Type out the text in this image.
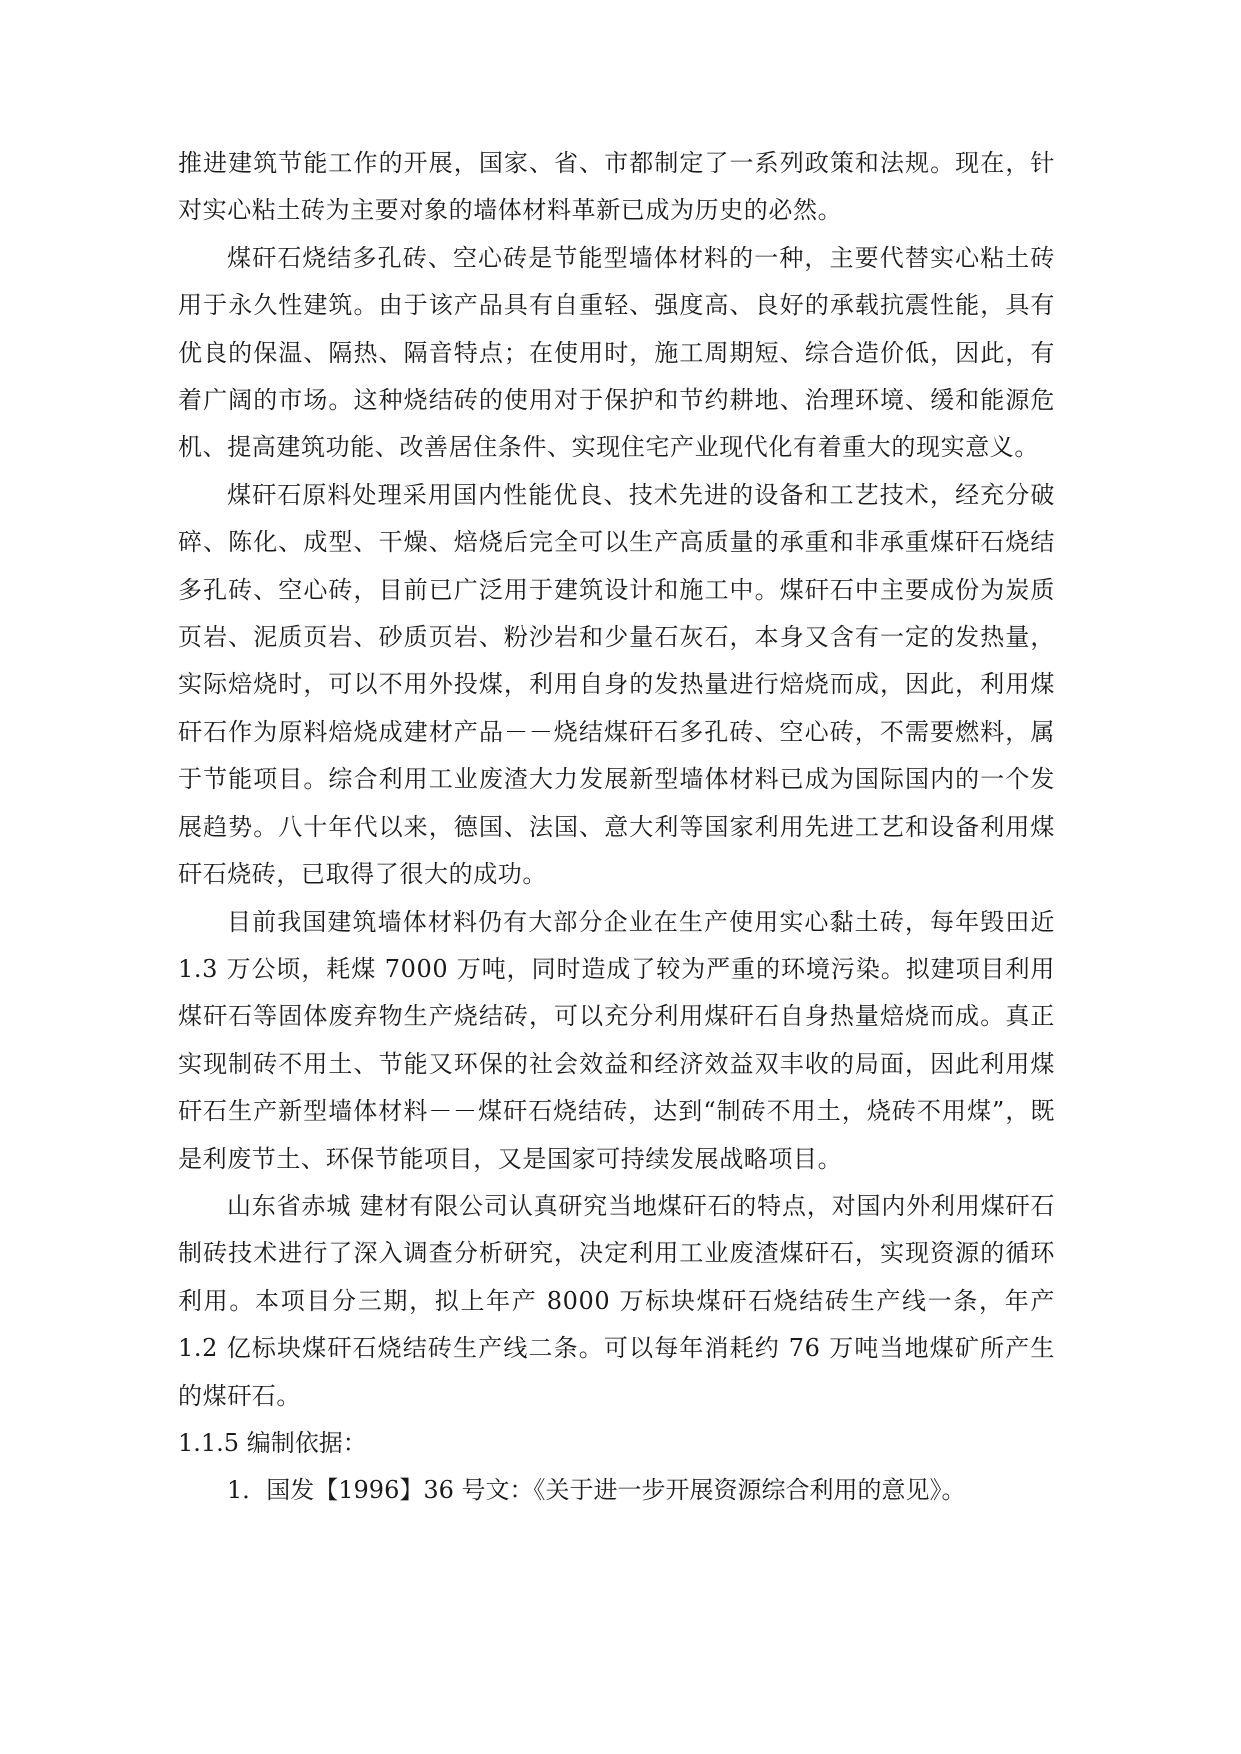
推进建筑节能工作的开展，国家、省、市都制定了一系列政策和法规。现在，针对实心粘土砖为主要对象的墙体材料革新已成为历史的必然。

煤矸石烧结多孔砖、空心砖是节能型墙体材料的一种，主要代替实心粘土砖用于永久性建筑。由于该产品具有自重轻、强度高、良好的承载抗震性能，具有优良的保温、隔热、隔音特点；在使用时，施工周期短、综合造价低，因此，有着广阔的市场。这种烧结砖的使用对于保护和节约耕地、治理环境、缓和能源危机、提高建筑功能、改善居住条件、实现住宅产业现代化有着重大的现实意义。

煤矸石原料处理采用国内性能优良、技术先进的设备和工艺技术，经充分破碎、陈化、成型、干燥、焙烧后完全可以生产高质量的承重和非承重煤矸石烧结多孔砖、空心砖，目前已广泛用于建筑设计和施工中。煤矸石中主要成份为炭质页岩、泥质页岩、砂质页岩、粉沙岩和少量石灰石，本身又含有一定的发热量，实际焙烧时，可以不用外投煤，利用自身的发热量进行焙烧而成，因此，利用煤矸石作为原料焙烧成建材产品－－烧结煤矸石多孔砖、空心砖，不需要燃料，属于节能项目。综合利用工业废渣大力发展新型墙体材料已成为国际国内的一个发展趋势。八十年代以来，德国、法国、意大利等国家利用先进工艺和设备利用煤矸石烧砖，已取得了很大的成功。

目前我国建筑墙体材料仍有大部分企业在生产使用实心黏土砖，每年毁田近1.3 万公顷，耗煤 7000 万吨，同时造成了较为严重的环境污染。拟建项目利用煤矸石等固体废弃物生产烧结砖，可以充分利用煤矸石自身热量焙烧而成。真正实现制砖不用土、节能又环保的社会效益和经济效益双丰收的局面，因此利用煤矸石生产新型墙体材料－－煤矸石烧结砖，达到“制砖不用土，烧砖不用煤”，既是利废节土、环保节能项目，又是国家可持续发展战略项目。

山东省赤城 建材有限公司认真研究当地煤矸石的特点，对国内外利用煤矸石制砖技术进行了深入调查分析研究，决定利用工业废渣煤矸石，实现资源的循环利用。本项目分三期，拟上年产 8000 万标块煤矸石烧结砖生产线一条，年产 1.2 亿标块煤矸石烧结砖生产线二条。可以每年消耗约 76 万吨当地煤矿所产生的煤矸石。

1.1.5 编制依据：

1．国发【1996】36 号文：《关于进一步开展资源综合利用的意见》。
